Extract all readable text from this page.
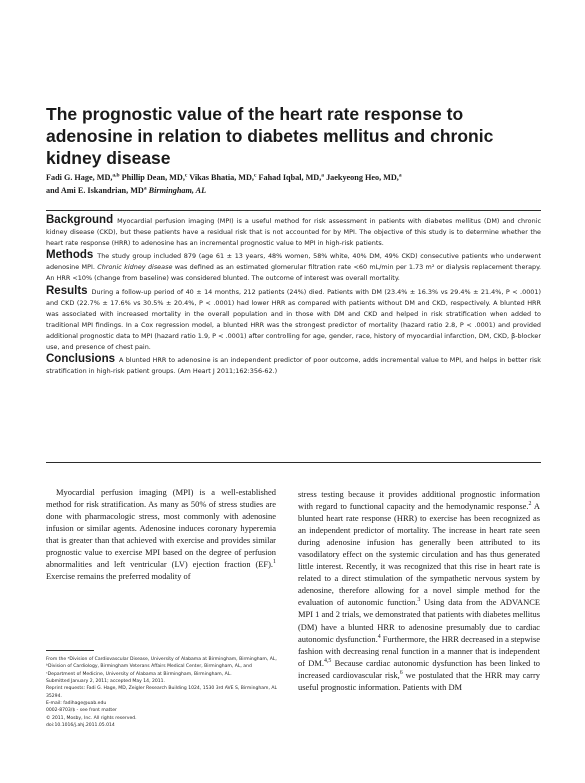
The prognostic value of the heart rate response to adenosine in relation to diabetes mellitus and chronic kidney disease
Fadi G. Hage, MD,$^{a,b}$ Phillip Dean, MD,$^c$ Vikas Bhatia, MD,$^c$ Fahad Iqbal, MD,$^a$ Jaekyeong Heo, MD,$^a$
and Ami E. Iskandrian, $MD^a$ Birmingham, AL

Background Myocardial perfusion imaging (MPI) is a useful method for risk assessment in patients with diabetes mellitus (DM) and chronic kidney disease (CKD), but these patients have a residual risk that is not accounted for by MPI. The objective of this study is to determine whether the heart rate response (HRR) to adenosine has an incremental prognostic value to MPI in high-risk patients.

Methods The study group included 879 (age 61 ± 13 years, 48% women, 58% white, 40% DM, 49% CKD) consecutive patients who underwent adenosine MPI. Chronic kidney disease was defined as an estimated glomerular filtration rate <60 mL/min per 1.73 m² or dialysis replacement therapy. An HRR <10% (change from baseline) was considered blunted. The outcome of interest was overall mortality.

Results During a follow-up period of 40 ± 14 months, 212 patients (24%) died. Patients with DM (23.4% ± 16.3% vs 29.4% ± 21.4%, P < .0001) and CKD (22.7% ± 17.6% vs 30.5% ± 20.4%, P < .0001) had lower HRR as compared with patients without DM and CKD, respectively. A blunted HRR was associated with increased mortality in the overall population and in those with DM and CKD and helped in risk stratification when added to traditional MPI findings. In a Cox regression model, a blunted HRR was the strongest predictor of mortality (hazard ratio 2.8, P < .0001) and provided additional prognostic data to MPI (hazard ratio 1.9, P < .0001) after controlling for age, gender, race, history of myocardial infarction, DM, CKD, β-blocker use, and presence of chest pain.

Conclusions A blunted HRR to adenosine is an independent predictor of poor outcome, adds incremental value to MPI, and helps in better risk stratification in high-risk patient groups. (Am Heart J 2011;162:356-62.)

Myocardial perfusion imaging (MPI) is a well-established method for risk stratification. As many as 50% of stress studies are done with pharmacologic stress, most commonly with adenosine infusion or similar agents. Adenosine induces coronary hyperemia that is greater than that achieved with exercise and provides similar prognostic value to exercise MPI based on the degree of perfusion abnormalities and left ventricular (LV) ejection fraction (EF).$^1$ Exercise remains the preferred modality of

From the ᵃDivision of Cardiovascular Disease, University of Alabama at Birmingham, Birmingham, AL, ᵇDivision of Cardiology, Birmingham Veterans Affairs Medical Center, Birmingham, AL, and ᶜDepartment of Medicine, University of Alabama at Birmingham, Birmingham, AL.
Submitted January 2, 2011; accepted May 14, 2011.
Reprint requests: Fadi G. Hage, MD, Zeigler Research Building 1024, 1530 3rd AVE S, Birmingham, AL 35294.
E-mail: fadihage@uab.edu
0002-8703/$ - see front matter
© 2011, Mosby, Inc. All rights reserved.
doi:10.1016/j.ahj.2011.05.014

stress testing because it provides additional prognostic information with regard to functional capacity and the hemodynamic response.$^2$ A blunted heart rate response (HRR) to exercise has been recognized as an independent predictor of mortality. The increase in heart rate seen during adenosine infusion has generally been attributed to its vasodilatory effect on the systemic circulation and has thus generated little interest. Recently, it was recognized that this rise in heart rate is related to a direct stimulation of the sympathetic nervous system by adenosine, therefore allowing for a novel simple method for the evaluation of autonomic function.$^3$ Using data from the ADVANCE MPI 1 and 2 trials, we demonstrated that patients with diabetes mellitus (DM) have a blunted HRR to adenosine presumably due to cardiac autonomic dysfunction.$^4$ Furthermore, the HRR decreased in a stepwise fashion with decreasing renal function in a manner that is independent of DM.$^{4,5}$ Because cardiac autonomic dysfunction has been linked to increased cardiovascular risk,$^6$ we postulated that the HRR may carry useful prognostic information. Patients with DM
